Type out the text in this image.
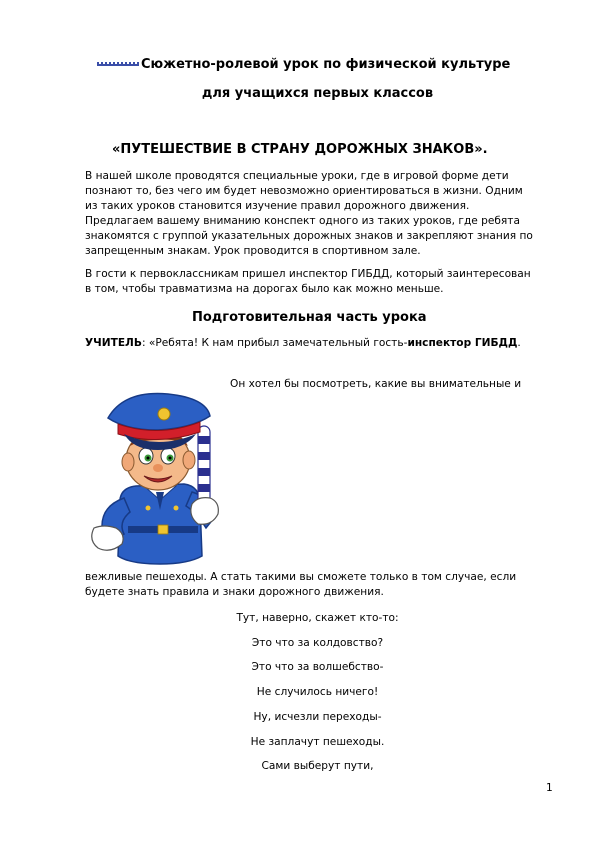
Сюжетно-ролевой урок по физической культуре
для учащихся первых классов
«ПУТЕШЕСТВИЕ В СТРАНУ ДОРОЖНЫХ ЗНАКОВ».
В нашей школе проводятся специальные уроки, где в игровой форме дети
познают то, без чего им будет невозможно ориентироваться в жизни. Одним
из таких уроков становится изучение правил дорожного движения.
Предлагаем вашему вниманию конспект одного из таких уроков, где ребята
знакомятся с группой указательных дорожных знаков и закрепляют знания по
запрещенным знакам. Урок проводится в спортивном зале.
В гости к первоклассникам пришел инспектор ГИБДД, который заинтересован
в том, чтобы травматизма на дорогах было как можно меньше.
Подготовительная часть урока
УЧИТЕЛЬ: «Ребята! К нам прибыл замечательный гость-инспектор ГИБДД.
Он хотел бы посмотреть, какие вы внимательные и
вежливые пешеходы. А стать такими вы сможете только в том случае, если
будете знать правила и знаки дорожного движения.
Тут, наверно, скажет кто-то:
Это что за колдовство?
Это что за волшебство-
Не случилось ничего!
Ну, исчезли переходы-
Не заплачут пешеходы.
Сами выберут пути,
1
